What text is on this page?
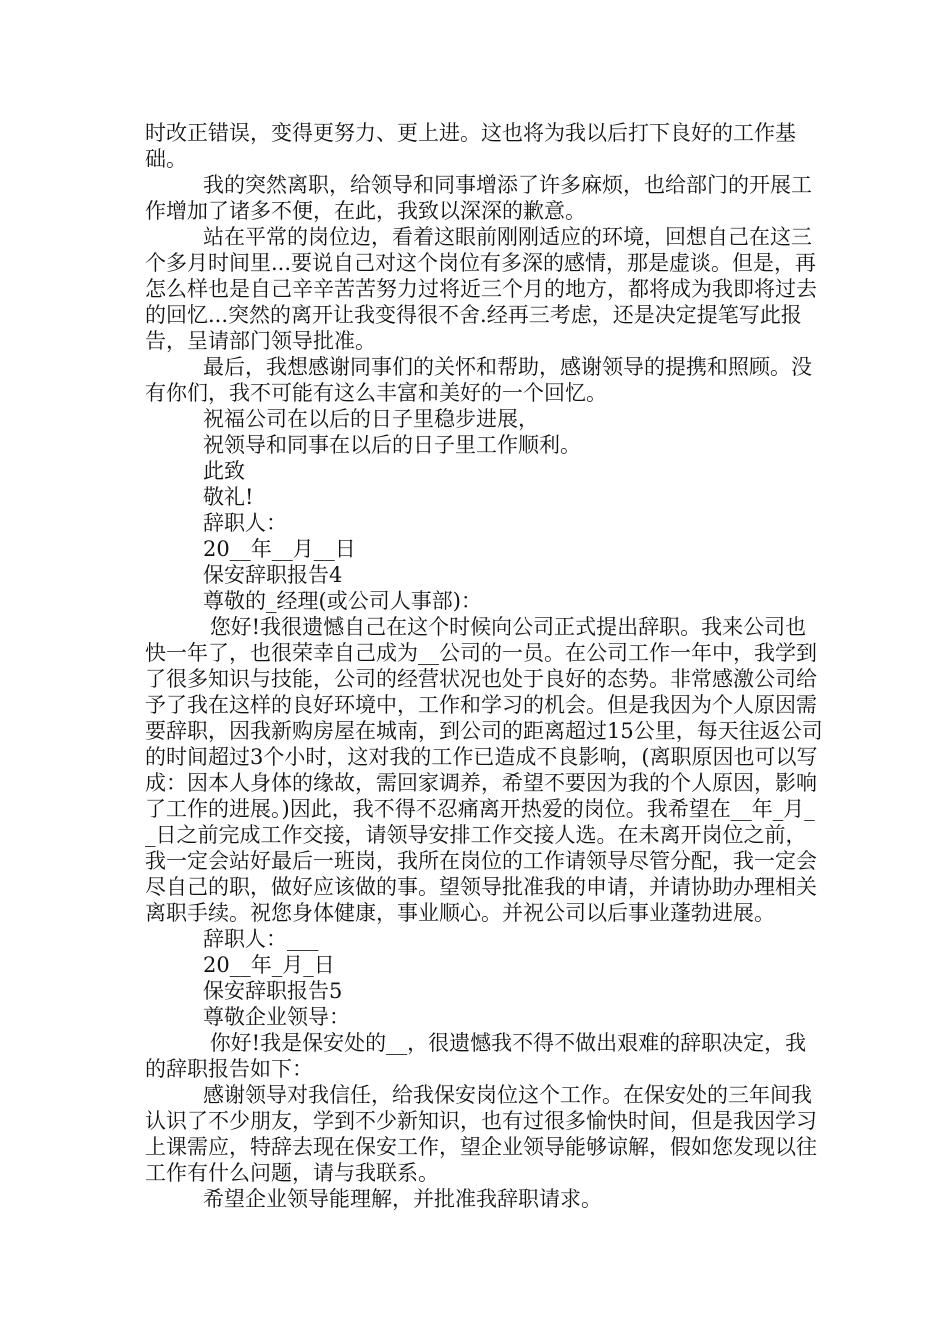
时改正错误，变得更努力、更上进。这也将为我以后打下良好的工作基础。

我的突然离职，给领导和同事增添了许多麻烦，也给部门的开展工作增加了诸多不便，在此，我致以深深的歉意。

站在平常的岗位边，看着这眼前刚刚适应的环境，回想自己在这三个多月时间里...要说自己对这个岗位有多深的感情，那是虚谈。但是，再怎么样也是自己辛辛苦苦努力过将近三个月的地方，都将成为我即将过去的回忆...突然的离开让我变得很不舍.经再三考虑，还是决定提笔写此报告，呈请部门领导批准。

最后，我想感谢同事们的关怀和帮助，感谢领导的提携和照顾。没有你们，我不可能有这么丰富和美好的一个回忆。

祝福公司在以后的日子里稳步进展，

祝领导和同事在以后的日子里工作顺利。

此致

敬礼!

辞职人：

20__年__月__日

保安辞职报告4

尊敬的_经理(或公司人事部)：

您好!我很遗憾自己在这个时候向公司正式提出辞职。我来公司也快一年了，也很荣幸自己成为__公司的一员。在公司工作一年中，我学到了很多知识与技能，公司的经营状况也处于良好的态势。非常感激公司给予了我在这样的良好环境中，工作和学习的机会。但是我因为个人原因需要辞职，因我新购房屋在城南，到公司的距离超过15公里，每天往返公司的时间超过3个小时，这对我的工作已造成不良影响，(离职原因也可以写成：因本人身体的缘故，需回家调养，希望不要因为我的个人原因，影响了工作的进展。)因此，我不得不忍痛离开热爱的岗位。我希望在__年_月__日之前完成工作交接，请领导安排工作交接人选。在未离开岗位之前，我一定会站好最后一班岗，我所在岗位的工作请领导尽管分配，我一定会尽自己的职，做好应该做的事。望领导批准我的申请，并请协助办理相关离职手续。祝您身体健康，事业顺心。并祝公司以后事业蓬勃进展。

辞职人：___

20__年_月_日

保安辞职报告5

尊敬企业领导：

你好!我是保安处的__，很遗憾我不得不做出艰难的辞职决定，我的辞职报告如下：

感谢领导对我信任，给我保安岗位这个工作。在保安处的三年间我认识了不少朋友，学到不少新知识，也有过很多愉快时间，但是我因学习上课需应，特辞去现在保安工作，望企业领导能够谅解，假如您发现以往工作有什么问题，请与我联系。

希望企业领导能理解，并批准我辞职请求。
